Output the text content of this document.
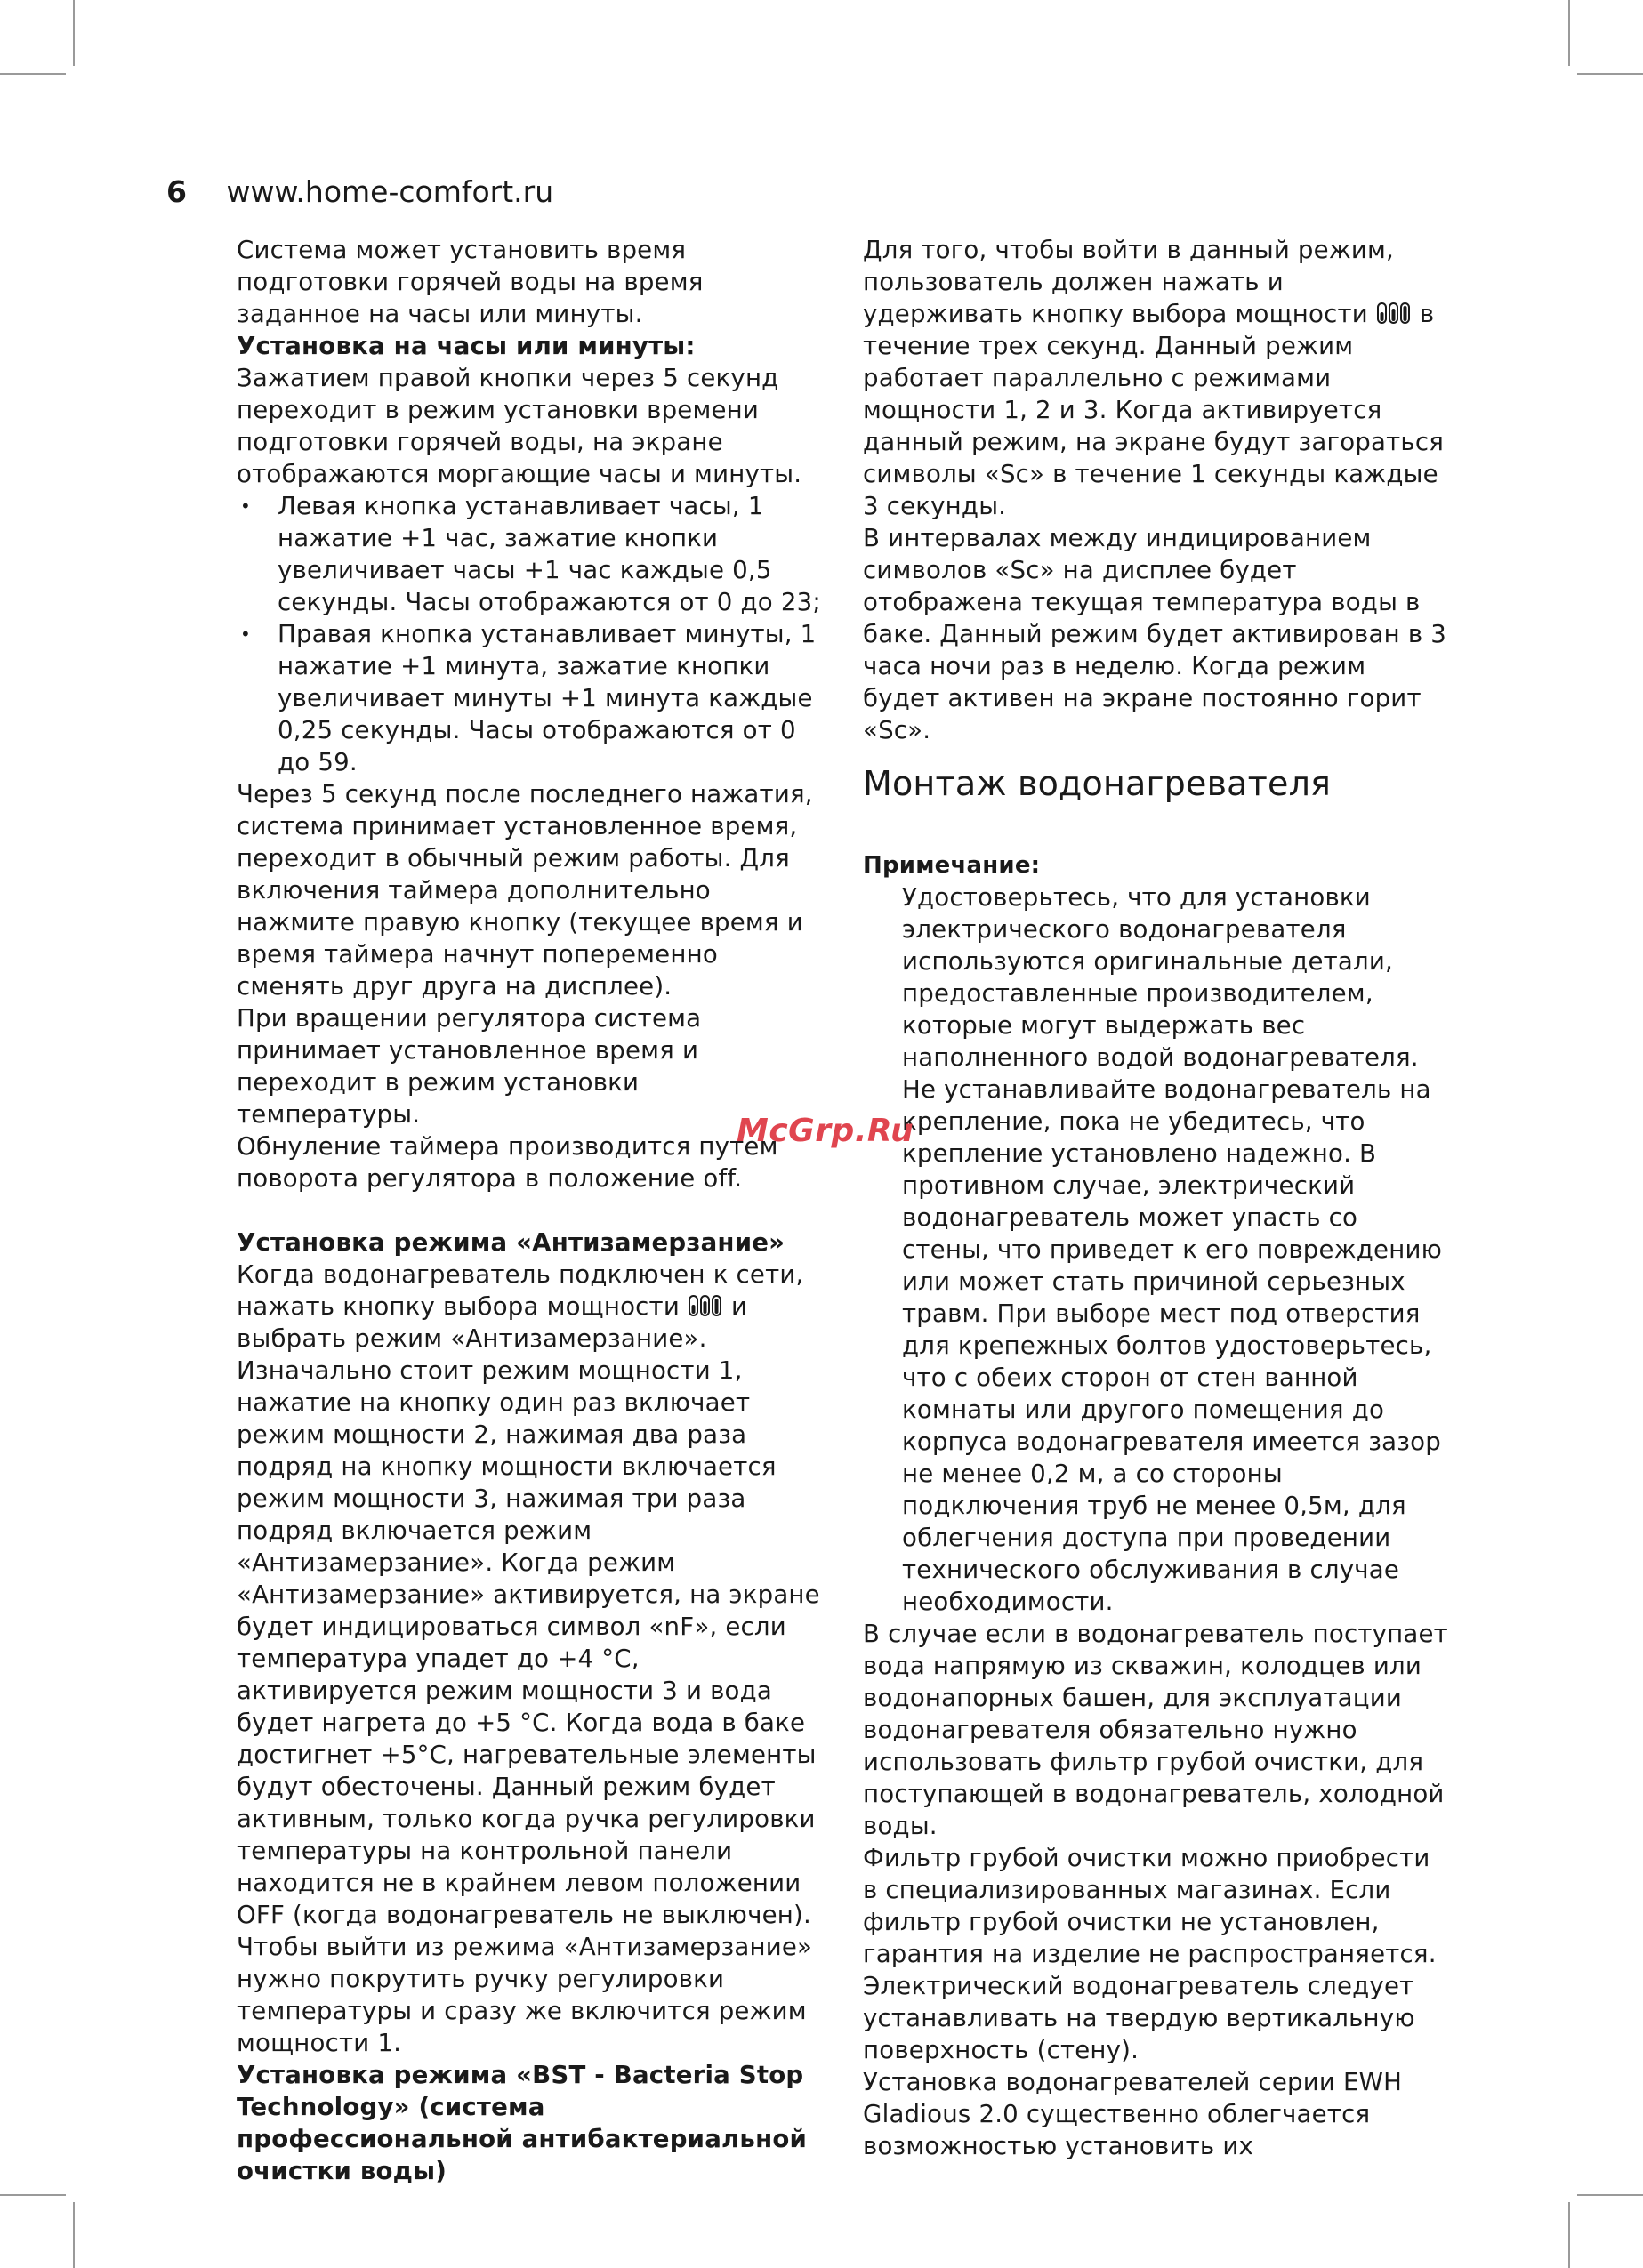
6 www.home-comfort.ru

Система может установить время подготовки горячей воды на время заданное на часы или минуты.

Установка на часы или минуты:

Зажатием правой кнопки через 5 секунд переходит в режим установки времени подготовки горячей воды, на экране отображаются моргающие часы и минуты.

• Левая кнопка устанавливает часы, 1 нажатие +1 час, зажатие кнопки увеличивает часы +1 час каждые 0,5 секунды. Часы отображаются от 0 до 23;
• Правая кнопка устанавливает минуты, 1 нажатие +1 минута, зажатие кнопки увеличивает минуты +1 минута каждые 0,25 секунды. Часы отображаются от 0 до 59.

Через 5 секунд после последнего нажатия, система принимает установленное время, переходит в обычный режим работы. Для включения таймера дополнительно нажмите правую кнопку (текущее время и время таймера начнут попеременно сменять друг друга на дисплее).

При вращении регулятора система принимает установленное время и переходит в режим установки температуры.

Обнуление таймера производится путем поворота регулятора в положение off.

Установка режима «Антизамерзание»

Когда водонагреватель подключен к сети, нажать кнопку выбора мощности и выбрать режим «Антизамерзание». Изначально стоит режим мощности 1, нажатие на кнопку один раз включает режим мощности 2, нажимая два раза подряд на кнопку мощности включается режим мощности 3, нажимая три раза подряд включается режим «Антизамерзание». Когда режим «Антизамерзание» активируется, на экране будет индицироваться символ «nF», если температура упадет до +4 °С, активируется режим мощности 3 и вода будет нагрета до +5 °С. Когда вода в баке достигнет +5°С, нагревательные элементы будут обесточены. Данный режим будет активным, только когда ручка регулировки температуры на контрольной панели находится не в крайнем левом положении OFF (когда водонагреватель не выключен). Чтобы выйти из режима «Антизамерзание» нужно покрутить ручку регулировки температуры и сразу же включится режим мощности 1.

Установка режима «BST - Bacteria Stop Technology» (система профессиональной антибактериальной очистки воды)

Для того, чтобы войти в данный режим, пользователь должен нажать и удерживать кнопку выбора мощности в течение трех секунд. Данный режим работает параллельно с режимами мощности 1, 2 и 3. Когда активируется данный режим, на экране будут загораться символы «Sc» в течение 1 секунды каждые 3 секунды.

В интервалах между индицированием символов «Sc» на дисплее будет отображена текущая температура воды в баке. Данный режим будет активирован в 3 часа ночи раз в неделю. Когда режим будет активен на экране постоянно горит «Sc».

Монтаж водонагревателя

Примечание:

Удостоверьтесь, что для установки электрического водонагревателя используются оригинальные детали, предоставленные производителем, которые могут выдержать вес наполненного водой водонагревателя. Не устанавливайте водонагреватель на крепление, пока не убедитесь, что крепление установлено надежно. В противном случае, электрический водонагреватель может упасть со стены, что приведет к его повреждению или может стать причиной серьезных травм. При выборе мест под отверстия для крепежных болтов удостоверьтесь, что с обеих сторон от стен ванной комнаты или другого помещения до корпуса водонагревателя имеется зазор не менее 0,2 м, а со стороны подключения труб не менее 0,5м, для облегчения доступа при проведении технического обслуживания в случае необходимости.

В случае если в водонагреватель поступает вода напрямую из скважин, колодцев или водонапорных башен, для эксплуатации водонагревателя обязательно нужно использовать фильтр грубой очистки, для поступающей в водонагреватель, холодной воды.

Фильтр грубой очистки можно приобрести в специализированных магазинах. Если фильтр грубой очистки не установлен, гарантия на изделие не распространяется.

Электрический водонагреватель следует устанавливать на твердую вертикальную поверхность (стену).

Установка водонагревателей серии EWH Gladious 2.0 существенно облегчается возможностью установить их

McGrp.Ru
